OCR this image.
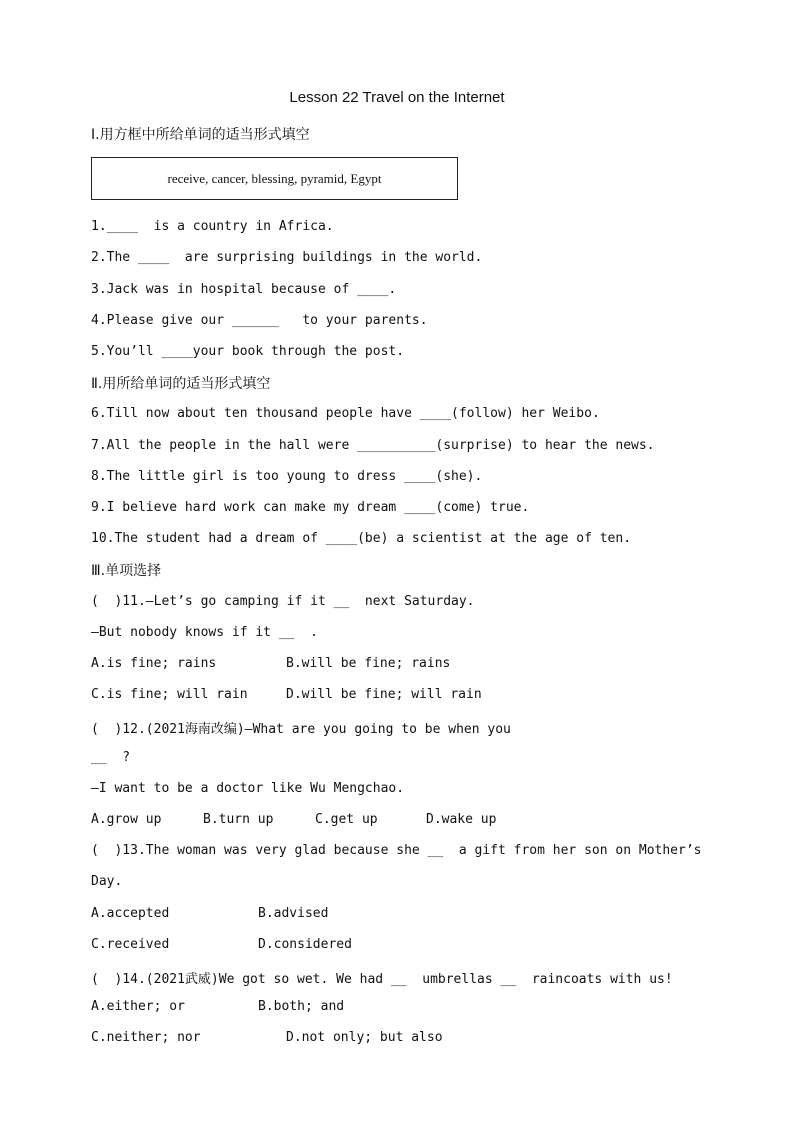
Lesson 22 Travel on the Internet
Ⅰ.用方框中所给单词的适当形式填空
receive, cancer, blessing, pyramid, Egypt
1.____  is a country in Africa.
2.The ____  are surprising buildings in the world.
3.Jack was in hospital because of ____.
4.Please give our ______   to your parents.
5.You’ll ____your book through the post.
Ⅱ.用所给单词的适当形式填空
6.Till now about ten thousand people have ____(follow) her Weibo.
7.All the people in the hall were __________(surprise) to hear the news.
8.The little girl is too young to dress ____(she).
9.I believe hard work can make my dream ____(come) true.
10.The student had a dream of ____(be) a scientist at the age of ten.
Ⅲ.单项选择
(  )11.—Let’s go camping if it __  next Saturday.
—But nobody knows if it __  .
A.is fine; rains	B.will be fine; rains
C.is fine; will rain	D.will be fine; will rain
(  )12.(2021海南改编)—What are you going to be when you
__  ?
—I want to be a doctor like Wu Mengchao.
A.grow up	B.turn up	C.get up	D.wake up
(  )13.The woman was very glad because she __  a gift from her son on Mother’s
Day.
A.accepted	B.advised
C.received	D.considered
(  )14.(2021武威)We got so wet. We had __  umbrellas __  raincoats with us!
A.either; or	B.both; and
C.neither; nor	D.not only; but also
